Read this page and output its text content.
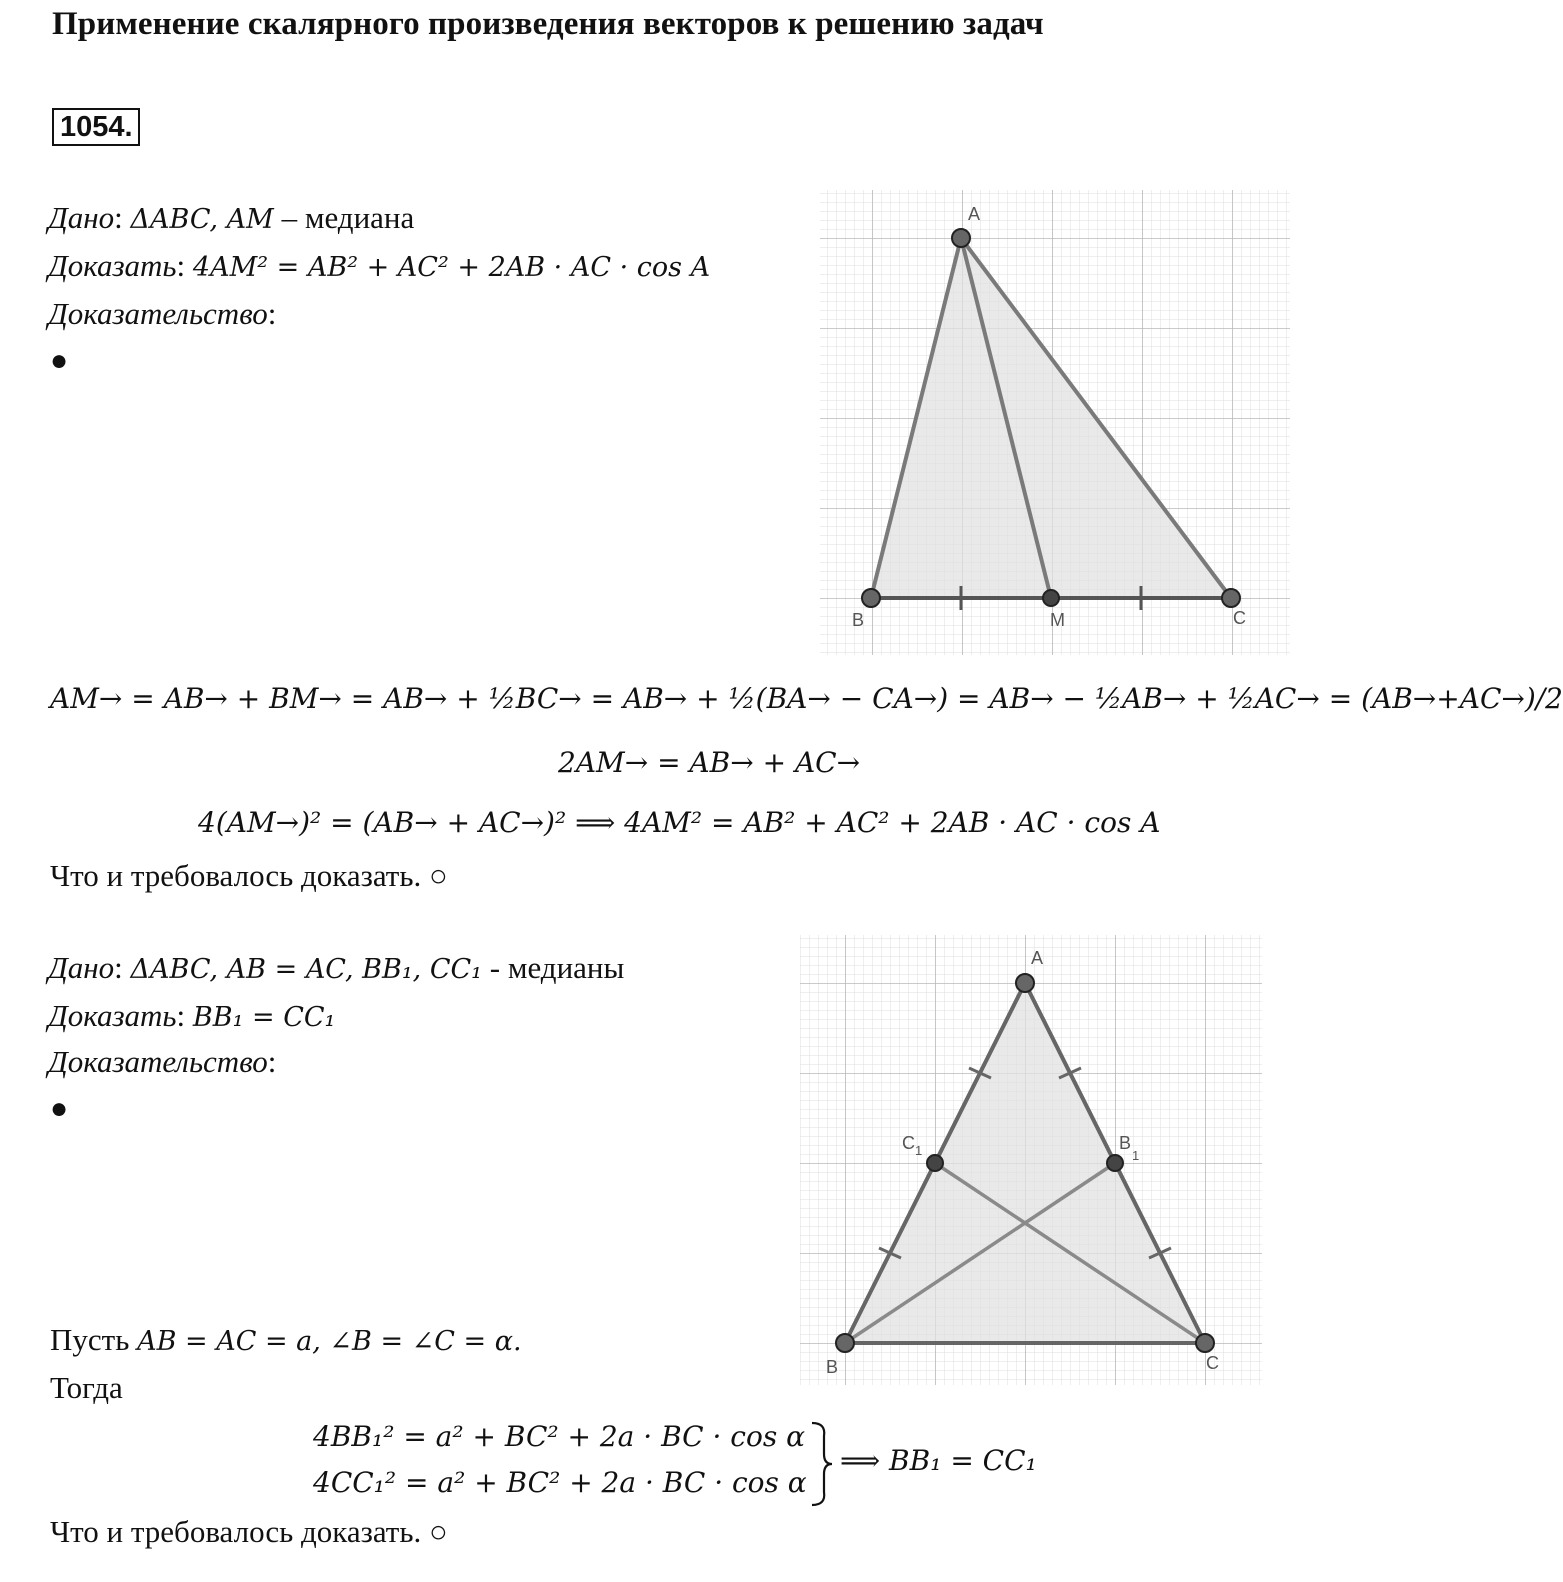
Применение скалярного произведения векторов к решению задач
1054.
Дано: ΔABC, AM – медиана
Доказать: 4AM² = AB² + AC² + 2AB · AC · cos A
Доказательство:
●
A
B	M	C
AM→ = AB→ + BM→ = AB→ + ½BC→ = AB→ + ½(BA→ − CA→) = AB→ − ½AB→ + ½AC→ = (AB→+AC→)/2
2AM→ = AB→ + AC→
4(AM→)² = (AB→ + AC→)² ⟹ 4AM² = AB² + AC² + 2AB · AC · cos A
Что и требовалось доказать. ○
Дано: ΔABC, AB = AC, BB₁, CC₁ - медианы
Доказать: BB₁ = CC₁
Доказательство:
●
A
B	C
C 1	B
1
Пусть AB = AC = a, ∠B = ∠C = α.
Тогда
4BB₁² = a² + BC² + 2a · BC · cos α
4CC₁² = a² + BC² + 2a · BC · cos α
⟹ BB₁ = CC₁
Что и требовалось доказать. ○
